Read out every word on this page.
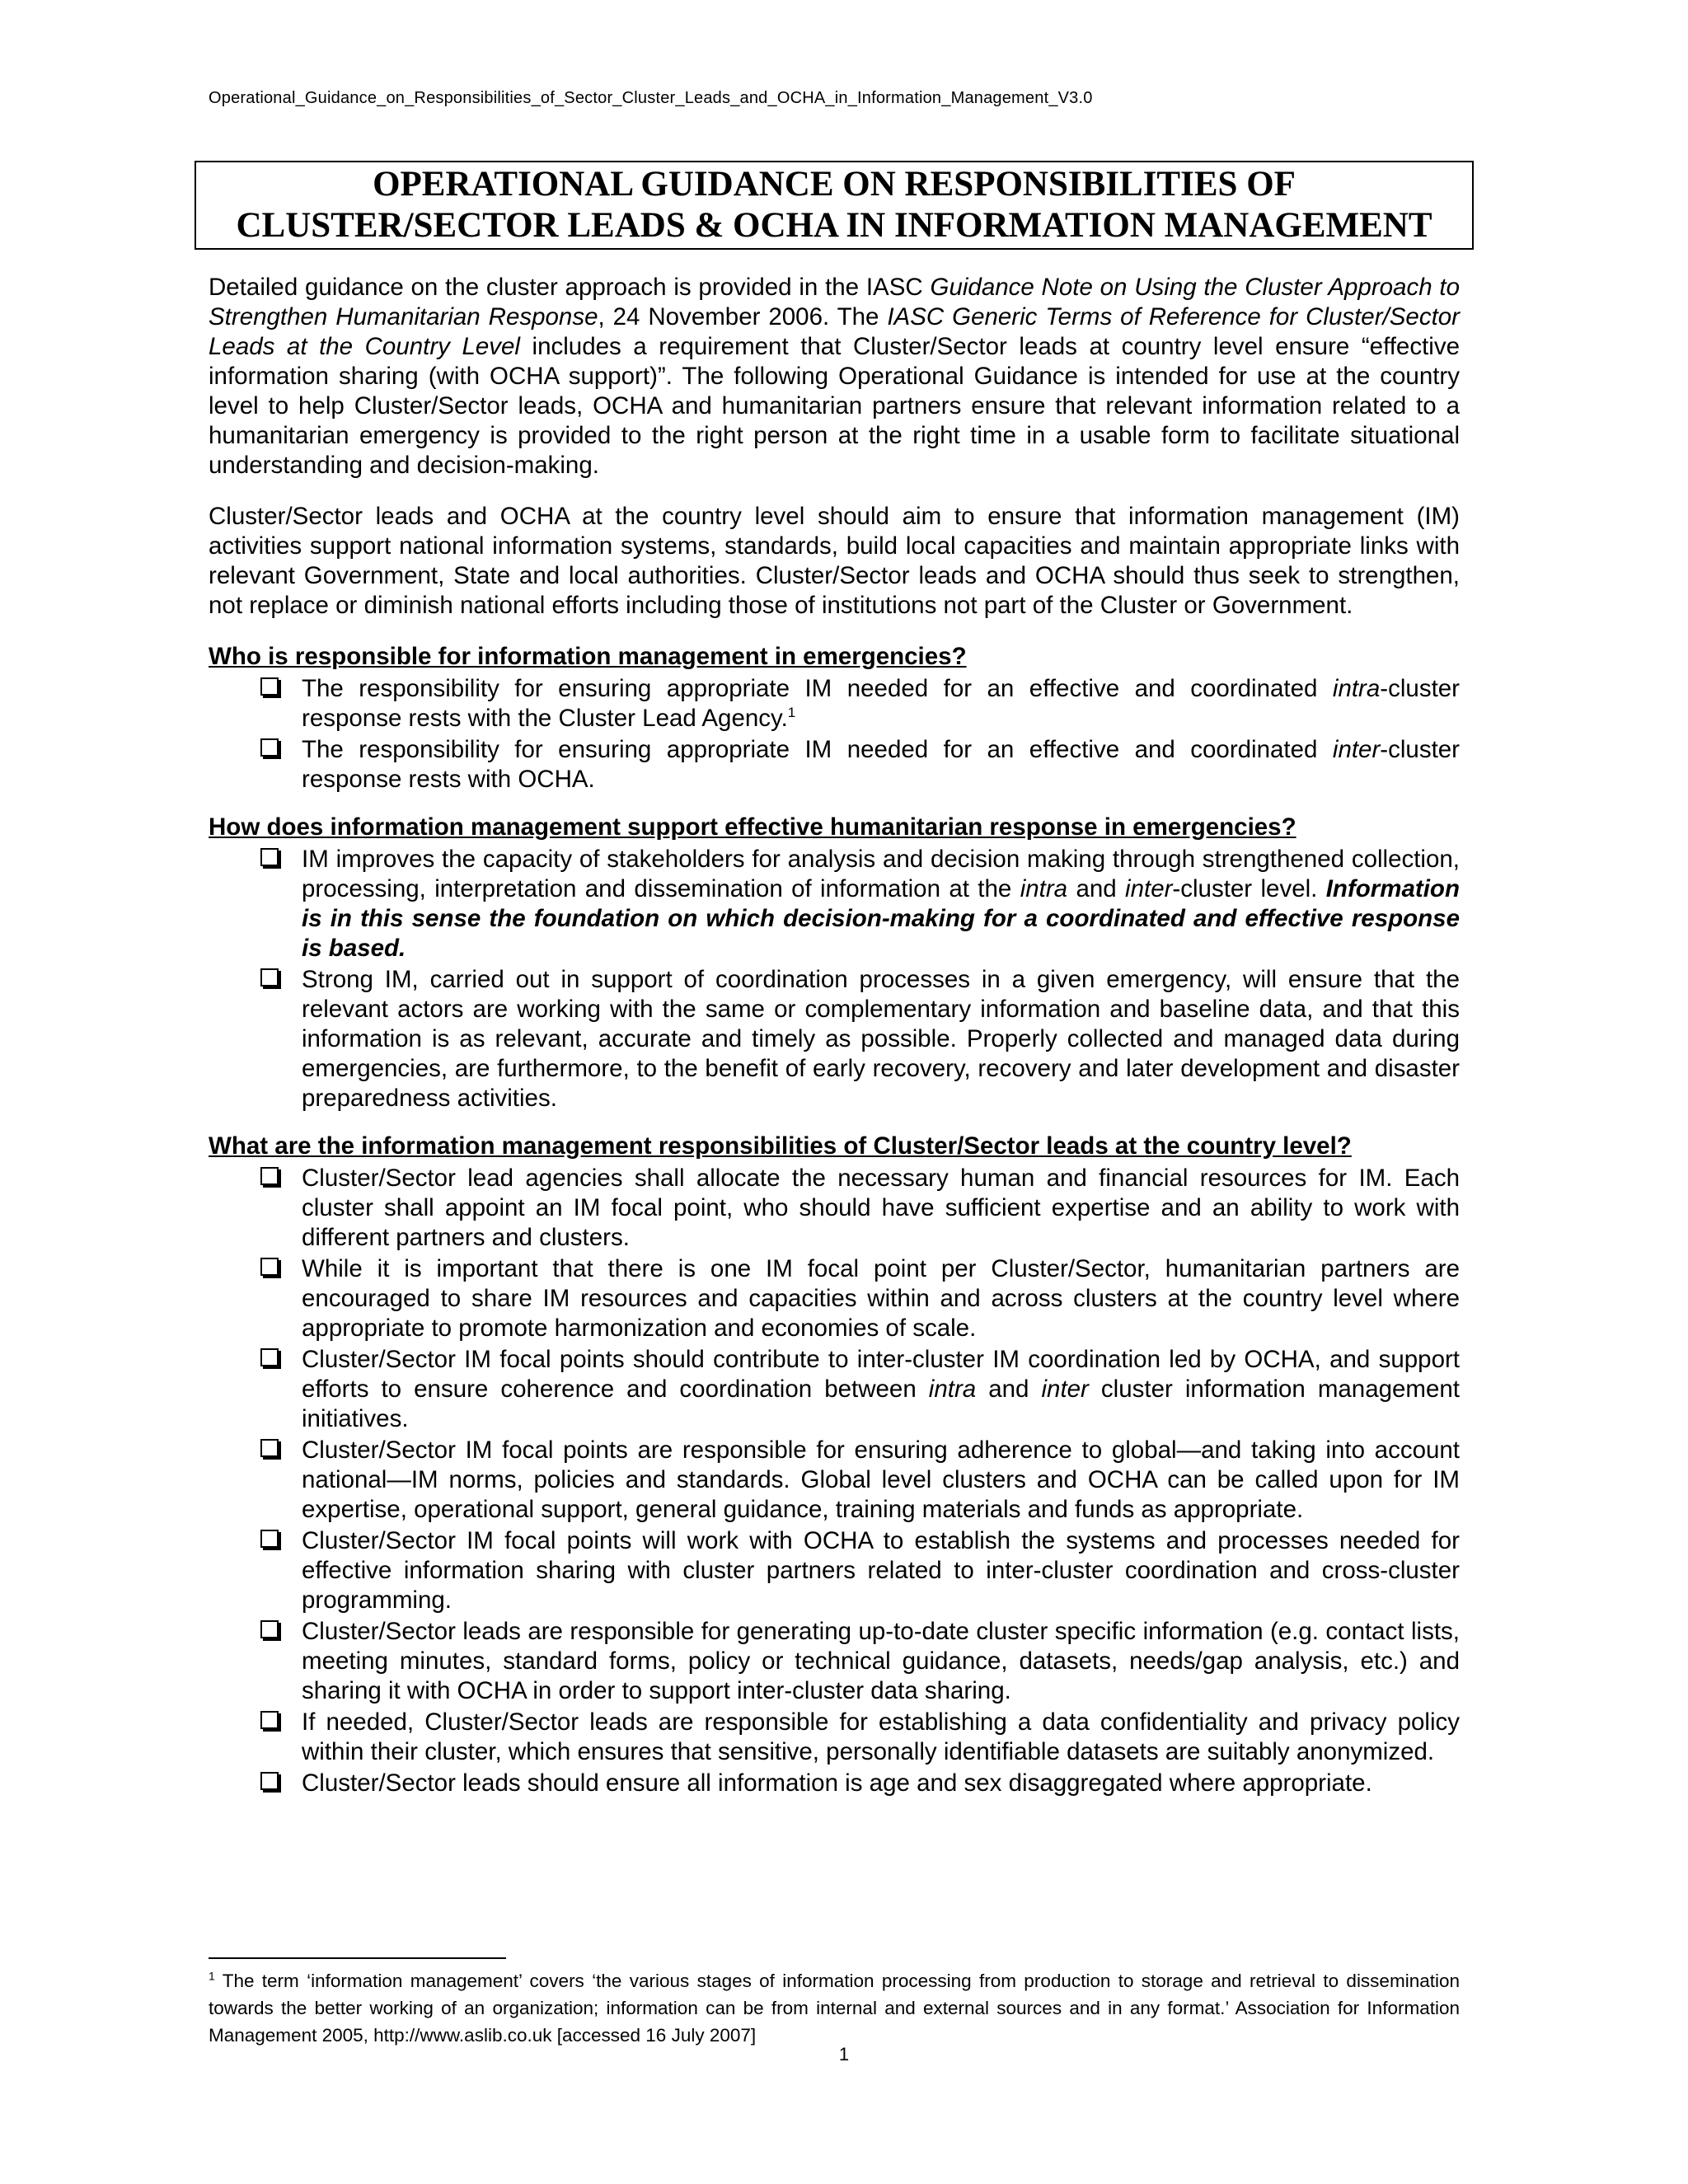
Operational_Guidance_on_Responsibilities_of_Sector_Cluster_Leads_and_OCHA_in_Information_Management_V3.0
OPERATIONAL GUIDANCE ON RESPONSIBILITIES OF
CLUSTER/SECTOR LEADS & OCHA IN INFORMATION MANAGEMENT

Detailed guidance on the cluster approach is provided in the IASC Guidance Note on Using the Cluster Approach to Strengthen Humanitarian Response, 24 November 2006. The IASC Generic Terms of Reference for Cluster/Sector Leads at the Country Level includes a requirement that Cluster/Sector leads at country level ensure “effective information sharing (with OCHA support)”. The following Operational Guidance is intended for use at the country level to help Cluster/Sector leads, OCHA and humanitarian partners ensure that relevant information related to a humanitarian emergency is provided to the right person at the right time in a usable form to facilitate situational understanding and decision-making.

Cluster/Sector leads and OCHA at the country level should aim to ensure that information management (IM) activities support national information systems, standards, build local capacities and maintain appropriate links with relevant Government, State and local authorities. Cluster/Sector leads and OCHA should thus seek to strengthen, not replace or diminish national efforts including those of institutions not part of the Cluster or Government.

Who is responsible for information management in emergencies?
The responsibility for ensuring appropriate IM needed for an effective and coordinated intra-cluster response rests with the Cluster Lead Agency.$^1$
The responsibility for ensuring appropriate IM needed for an effective and coordinated inter-cluster response rests with OCHA.
How does information management support effective humanitarian response in emergencies?
IM improves the capacity of stakeholders for analysis and decision making through strengthened collection, processing, interpretation and dissemination of information at the intra and inter-cluster level. Information is in this sense the foundation on which decision-making for a coordinated and effective response is based.
Strong IM, carried out in support of coordination processes in a given emergency, will ensure that the relevant actors are working with the same or complementary information and baseline data, and that this information is as relevant, accurate and timely as possible. Properly collected and managed data during emergencies, are furthermore, to the benefit of early recovery, recovery and later development and disaster preparedness activities.
What are the information management responsibilities of Cluster/Sector leads at the country level?
Cluster/Sector lead agencies shall allocate the necessary human and financial resources for IM. Each cluster shall appoint an IM focal point, who should have sufficient expertise and an ability to work with different partners and clusters.
While it is important that there is one IM focal point per Cluster/Sector, humanitarian partners are encouraged to share IM resources and capacities within and across clusters at the country level where appropriate to promote harmonization and economies of scale.
Cluster/Sector IM focal points should contribute to inter-cluster IM coordination led by OCHA, and support efforts to ensure coherence and coordination between intra and inter cluster information management initiatives.
Cluster/Sector IM focal points are responsible for ensuring adherence to global—and taking into account national—IM norms, policies and standards. Global level clusters and OCHA can be called upon for IM expertise, operational support, general guidance, training materials and funds as appropriate.
Cluster/Sector IM focal points will work with OCHA to establish the systems and processes needed for effective information sharing with cluster partners related to inter-cluster coordination and cross-cluster programming.
Cluster/Sector leads are responsible for generating up-to-date cluster specific information (e.g. contact lists, meeting minutes, standard forms, policy or technical guidance, datasets, needs/gap analysis, etc.) and sharing it with OCHA in order to support inter-cluster data sharing.
If needed, Cluster/Sector leads are responsible for establishing a data confidentiality and privacy policy within their cluster, which ensures that sensitive, personally identifiable datasets are suitably anonymized.
Cluster/Sector leads should ensure all information is age and sex disaggregated where appropriate.
$^1$ The term ‘information management’ covers ‘the various stages of information processing from production to storage and retrieval to dissemination towards the better working of an organization; information can be from internal and external sources and in any format.’ Association for Information Management 2005, http://www.aslib.co.uk [accessed 16 July 2007]
1
